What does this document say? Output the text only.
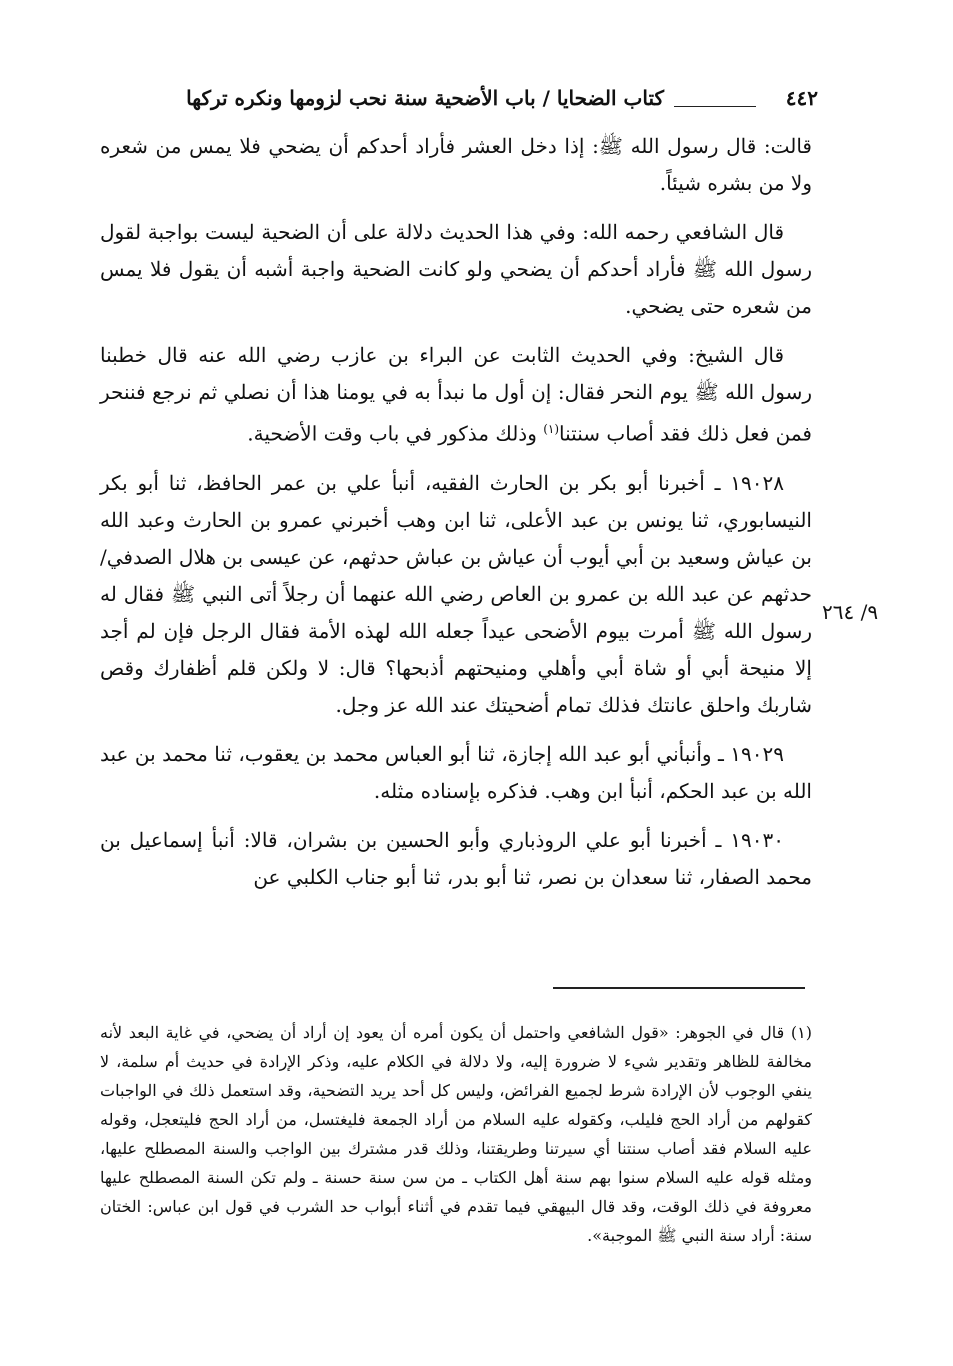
٤٤٢
كتاب الضحايا / باب الأضحية سنة نحب لزومها ونكره تركها

قالت: قال رسول الله ﷺ: إذا دخل العشر فأراد أحدكم أن يضحي فلا يمس من شعره ولا من بشره شيئاً.

قال الشافعي رحمه الله: وفي هذا الحديث دلالة على أن الضحية ليست بواجبة لقول رسول الله ﷺ فأراد أحدكم أن يضحي ولو كانت الضحية واجبة أشبه أن يقول فلا يمس من شعره حتى يضحي.

قال الشيخ: وفي الحديث الثابت عن البراء بن عازب رضي الله عنه قال خطبنا رسول الله ﷺ يوم النحر فقال: إن أول ما نبدأ به في يومنا هذا أن نصلي ثم نرجع فننحر فمن فعل ذلك فقد أصاب سنتنا$^{(١)}$ وذلك مذكور في باب وقت الأضحية.

١٩٠٢٨ ـ أخبرنا أبو بكر بن الحارث الفقيه، أنبأ علي بن عمر الحافظ، ثنا أبو بكر النيسابوري، ثنا يونس بن عبد الأعلى، ثنا ابن وهب أخبرني عمرو بن الحارث وعبد الله بن عياش وسعيد بن أبي أيوب أن عياش بن عباش حدثهم، عن عيسى بن هلال الصدفي/ حدثهم عن عبد الله بن عمرو بن العاص رضي الله عنهما أن رجلاً أتى النبي ﷺ فقال له رسول الله ﷺ أمرت بيوم الأضحى عيداً جعله الله لهذه الأمة فقال الرجل فإن لم أجد إلا منيحة أبي أو شاة أبي وأهلي ومنيحتهم أذبحها؟ قال: لا ولكن قلم أظفارك وقص شاربك واحلق عانتك فذلك تمام أضحيتك عند الله عز وجل.

١٩٠٢٩ ـ وأنبأني أبو عبد الله إجازة، ثنا أبو العباس محمد بن يعقوب، ثنا محمد بن عبد الله بن عبد الحكم، أنبأ ابن وهب. فذكره بإسناده مثله.

١٩٠٣٠ ـ أخبرنا أبو علي الروذباري وأبو الحسين بن بشران، قالا: أنبأ إسماعيل بن محمد الصفار، ثنا سعدان بن نصر، ثنا أبو بدر، ثنا أبو جناب الكلبي عن

٩/ ٢٦٤

(١) قال في الجوهر: «قول الشافعي واحتمل أن يكون أمره أن يعود إن أراد أن يضحي، في غاية البعد لأنه مخالفة للظاهر وتقدير شيء لا ضرورة إليه، ولا دلالة في الكلام عليه، وذكر الإرادة في حديث أم سلمة، لا ينفي الوجوب لأن الإرادة شرط لجميع الفرائض، وليس كل أحد يريد التضحية، وقد استعمل ذلك في الواجبات كقولهم من أراد الحج فليلب، وكقوله عليه السلام من أراد الجمعة فليغتسل، من أراد الحج فليتعجل، وقوله عليه السلام فقد أصاب سنتنا أي سيرتنا وطريقتنا، وذلك قدر مشترك بين الواجب والسنة المصطلح عليها، ومثله قوله عليه السلام سنوا بهم سنة أهل الكتاب ـ من سن سنة حسنة ـ ولم تكن السنة المصطلح عليها معروفة في ذلك الوقت، وقد قال البيهقي فيما تقدم في أثناء أبواب حد الشرب في قول ابن عباس: الختان سنة: أراد سنة النبي ﷺ الموجبة».
